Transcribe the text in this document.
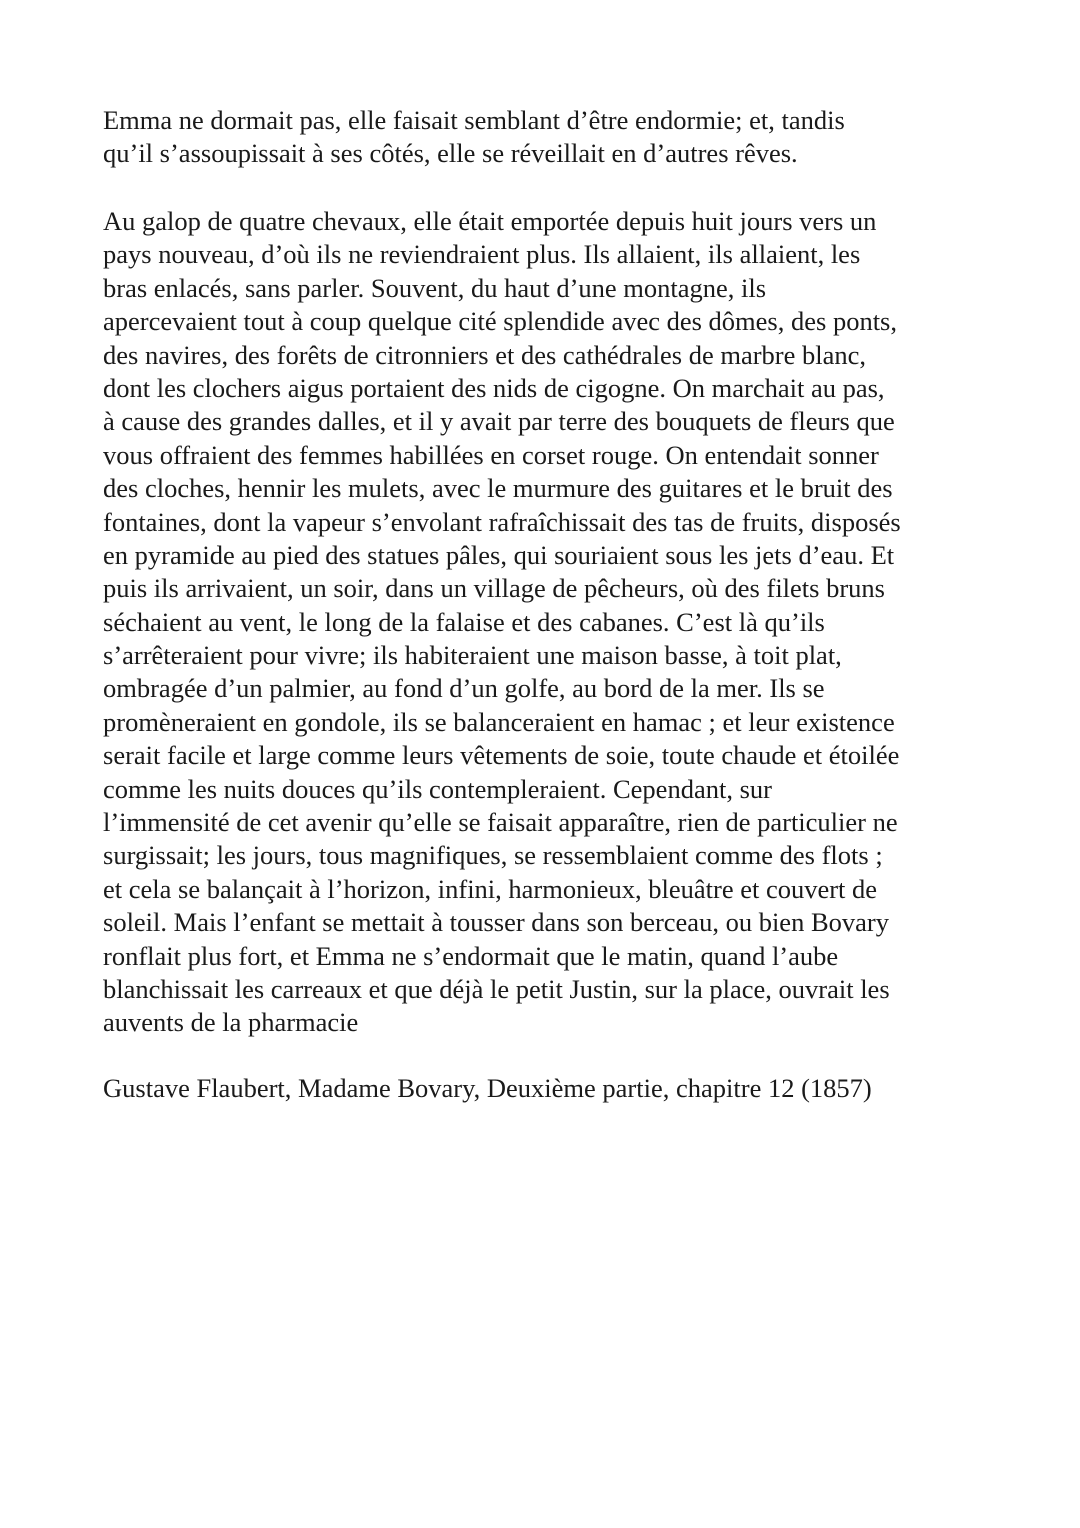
Emma ne dormait pas, elle faisait semblant d’être endormie; et, tandis
qu’il s’assoupissait à ses côtés, elle se réveillait en d’autres rêves.
Au galop de quatre chevaux, elle était emportée depuis huit jours vers un
pays nouveau, d’où ils ne reviendraient plus. Ils allaient, ils allaient, les
bras enlacés, sans parler. Souvent, du haut d’une montagne, ils
apercevaient tout à coup quelque cité splendide avec des dômes, des ponts,
des navires, des forêts de citronniers et des cathédrales de marbre blanc,
dont les clochers aigus portaient des nids de cigogne. On marchait au pas,
à cause des grandes dalles, et il y avait par terre des bouquets de fleurs que
vous offraient des femmes habillées en corset rouge. On entendait sonner
des cloches, hennir les mulets, avec le murmure des guitares et le bruit des
fontaines, dont la vapeur s’envolant rafraîchissait des tas de fruits, disposés
en pyramide au pied des statues pâles, qui souriaient sous les jets d’eau. Et
puis ils arrivaient, un soir, dans un village de pêcheurs, où des filets bruns
séchaient au vent, le long de la falaise et des cabanes. C’est là qu’ils
s’arrêteraient pour vivre; ils habiteraient une maison basse, à toit plat,
ombragée d’un palmier, au fond d’un golfe, au bord de la mer. Ils se
promèneraient en gondole, ils se balanceraient en hamac ; et leur existence
serait facile et large comme leurs vêtements de soie, toute chaude et étoilée
comme les nuits douces qu’ils contempleraient. Cependant, sur
l’immensité de cet avenir qu’elle se faisait apparaître, rien de particulier ne
surgissait; les jours, tous magnifiques, se ressemblaient comme des flots ;
et cela se balançait à l’horizon, infini, harmonieux, bleuâtre et couvert de
soleil. Mais l’enfant se mettait à tousser dans son berceau, ou bien Bovary
ronflait plus fort, et Emma ne s’endormait que le matin, quand l’aube
blanchissait les carreaux et que déjà le petit Justin, sur la place, ouvrait les
auvents de la pharmacie
Gustave Flaubert, Madame Bovary, Deuxième partie, chapitre 12 (1857)
